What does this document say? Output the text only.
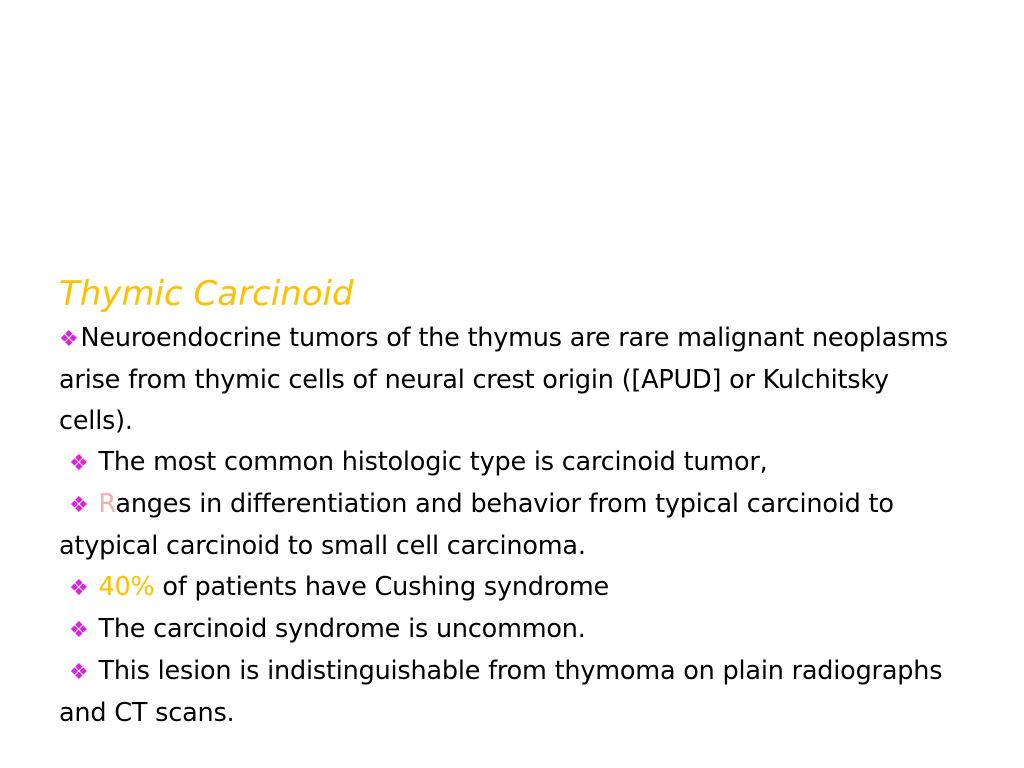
Thymic Carcinoid

❖Neuroendocrine tumors of the thymus are rare malignant neoplasms arise from thymic cells of neural crest origin ([APUD] or Kulchitsky cells).

❖ The most common histologic type is carcinoid tumor,

❖ Ranges in differentiation and behavior from typical carcinoid to atypical carcinoid to small cell carcinoma.

❖ 40% of patients have Cushing syndrome

❖ The carcinoid syndrome is uncommon.

❖ This lesion is indistinguishable from thymoma on plain radiographs and CT scans.
